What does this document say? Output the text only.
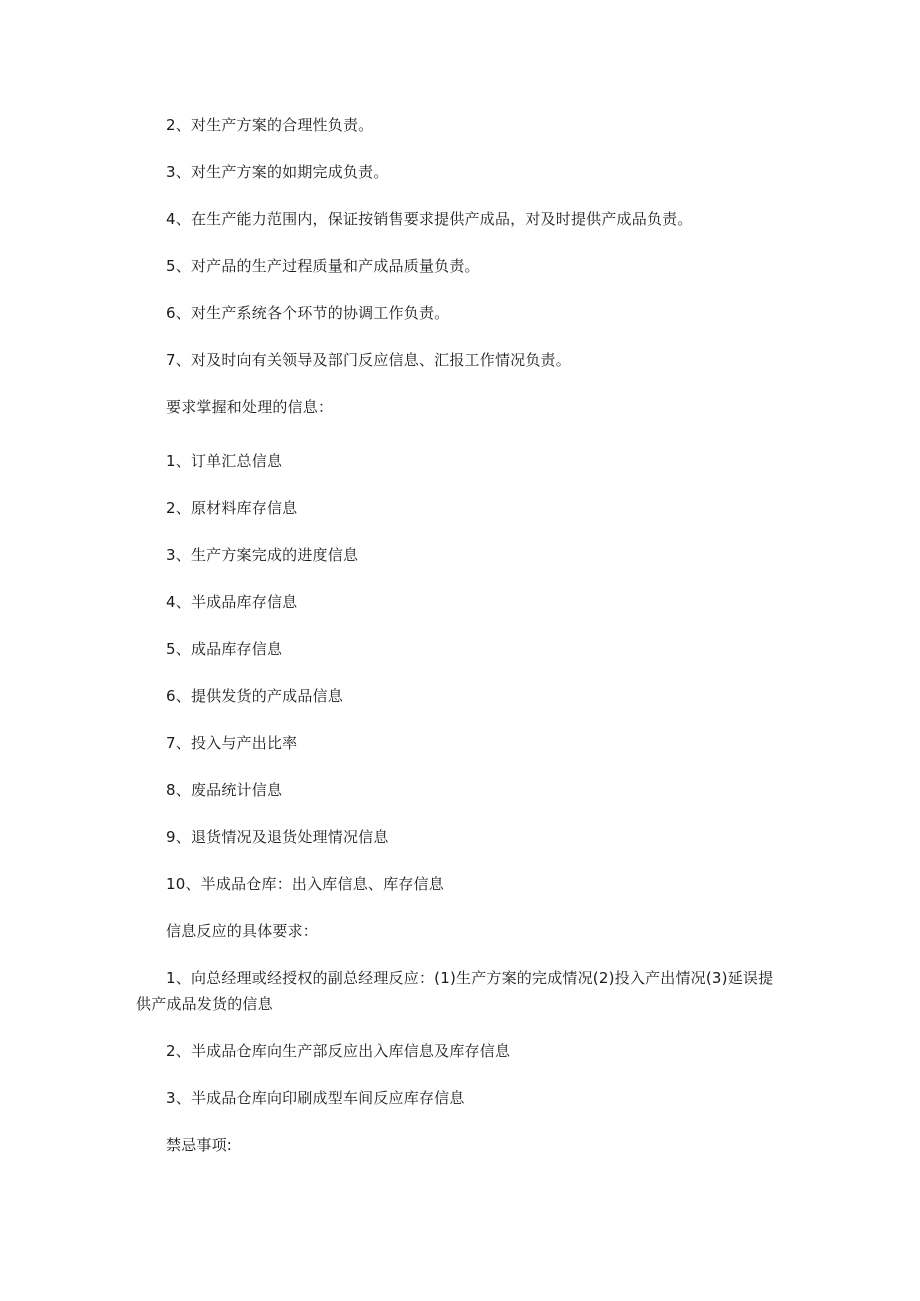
2、对生产方案的合理性负责。
3、对生产方案的如期完成负责。
4、在生产能力范围内，保证按销售要求提供产成品，对及时提供产成品负责。
5、对产品的生产过程质量和产成品质量负责。
6、对生产系统各个环节的协调工作负责。
7、对及时向有关领导及部门反应信息、汇报工作情况负责。
要求掌握和处理的信息：
1、订单汇总信息
2、原材料库存信息
3、生产方案完成的进度信息
4、半成品库存信息
5、成品库存信息
6、提供发货的产成品信息
7、投入与产出比率
8、废品统计信息
9、退货情况及退货处理情况信息
10、半成品仓库：出入库信息、库存信息
信息反应的具体要求：
1、向总经理或经授权的副总经理反应：(1)生产方案的完成情况(2)投入产出情况(3)延误提供产成品发货的信息
2、半成品仓库向生产部反应出入库信息及库存信息
3、半成品仓库向印刷成型车间反应库存信息
禁忌事项:
